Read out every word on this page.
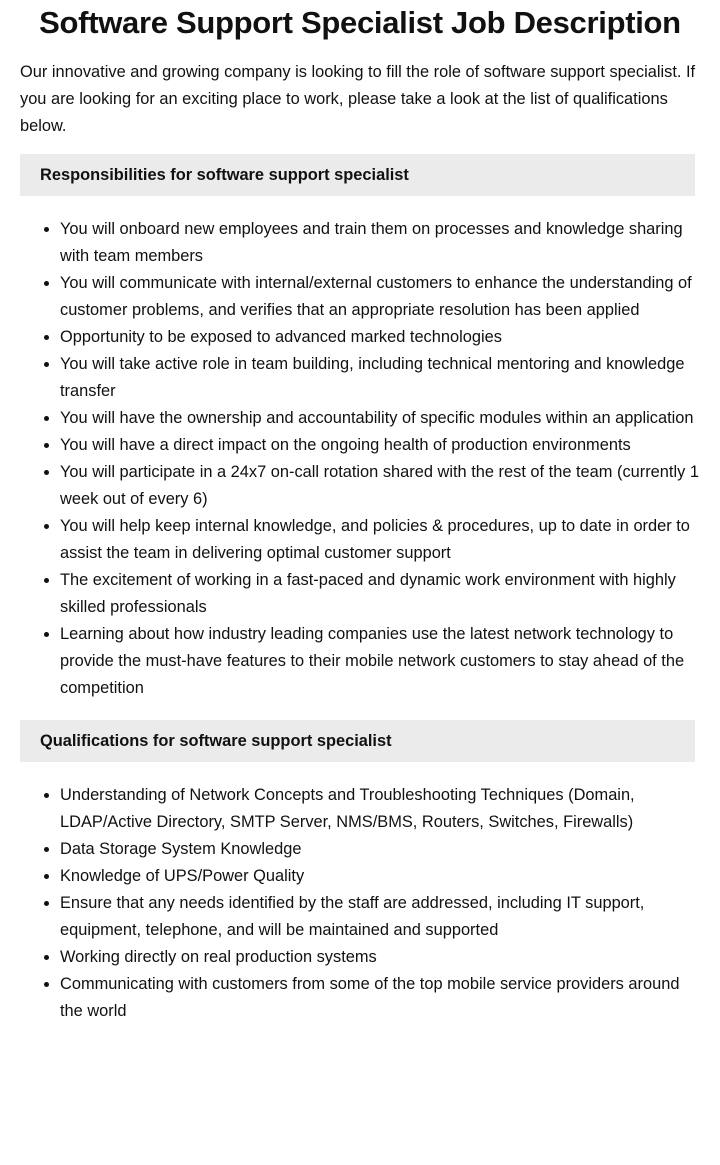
Software Support Specialist Job Description

Our innovative and growing company is looking to fill the role of software support specialist. If you are looking for an exciting place to work, please take a look at the list of qualifications below.

Responsibilities for software support specialist
• You will onboard new employees and train them on processes and knowledge sharing with team members
• You will communicate with internal/external customers to enhance the understanding of customer problems, and verifies that an appropriate resolution has been applied
• Opportunity to be exposed to advanced marked technologies
• You will take active role in team building, including technical mentoring and knowledge transfer
• You will have the ownership and accountability of specific modules within an application
• You will have a direct impact on the ongoing health of production environments
• You will participate in a 24x7 on-call rotation shared with the rest of the team (currently 1 week out of every 6)
• You will help keep internal knowledge, and policies & procedures, up to date in order to assist the team in delivering optimal customer support
• The excitement of working in a fast-paced and dynamic work environment with highly skilled professionals
• Learning about how industry leading companies use the latest network technology to provide the must-have features to their mobile network customers to stay ahead of the competition
Qualifications for software support specialist
• Understanding of Network Concepts and Troubleshooting Techniques (Domain, LDAP/Active Directory, SMTP Server, NMS/BMS, Routers, Switches, Firewalls)
• Data Storage System Knowledge
• Knowledge of UPS/Power Quality
• Ensure that any needs identified by the staff are addressed, including IT support, equipment, telephone, and will be maintained and supported
• Working directly on real production systems
• Communicating with customers from some of the top mobile service providers around the world
